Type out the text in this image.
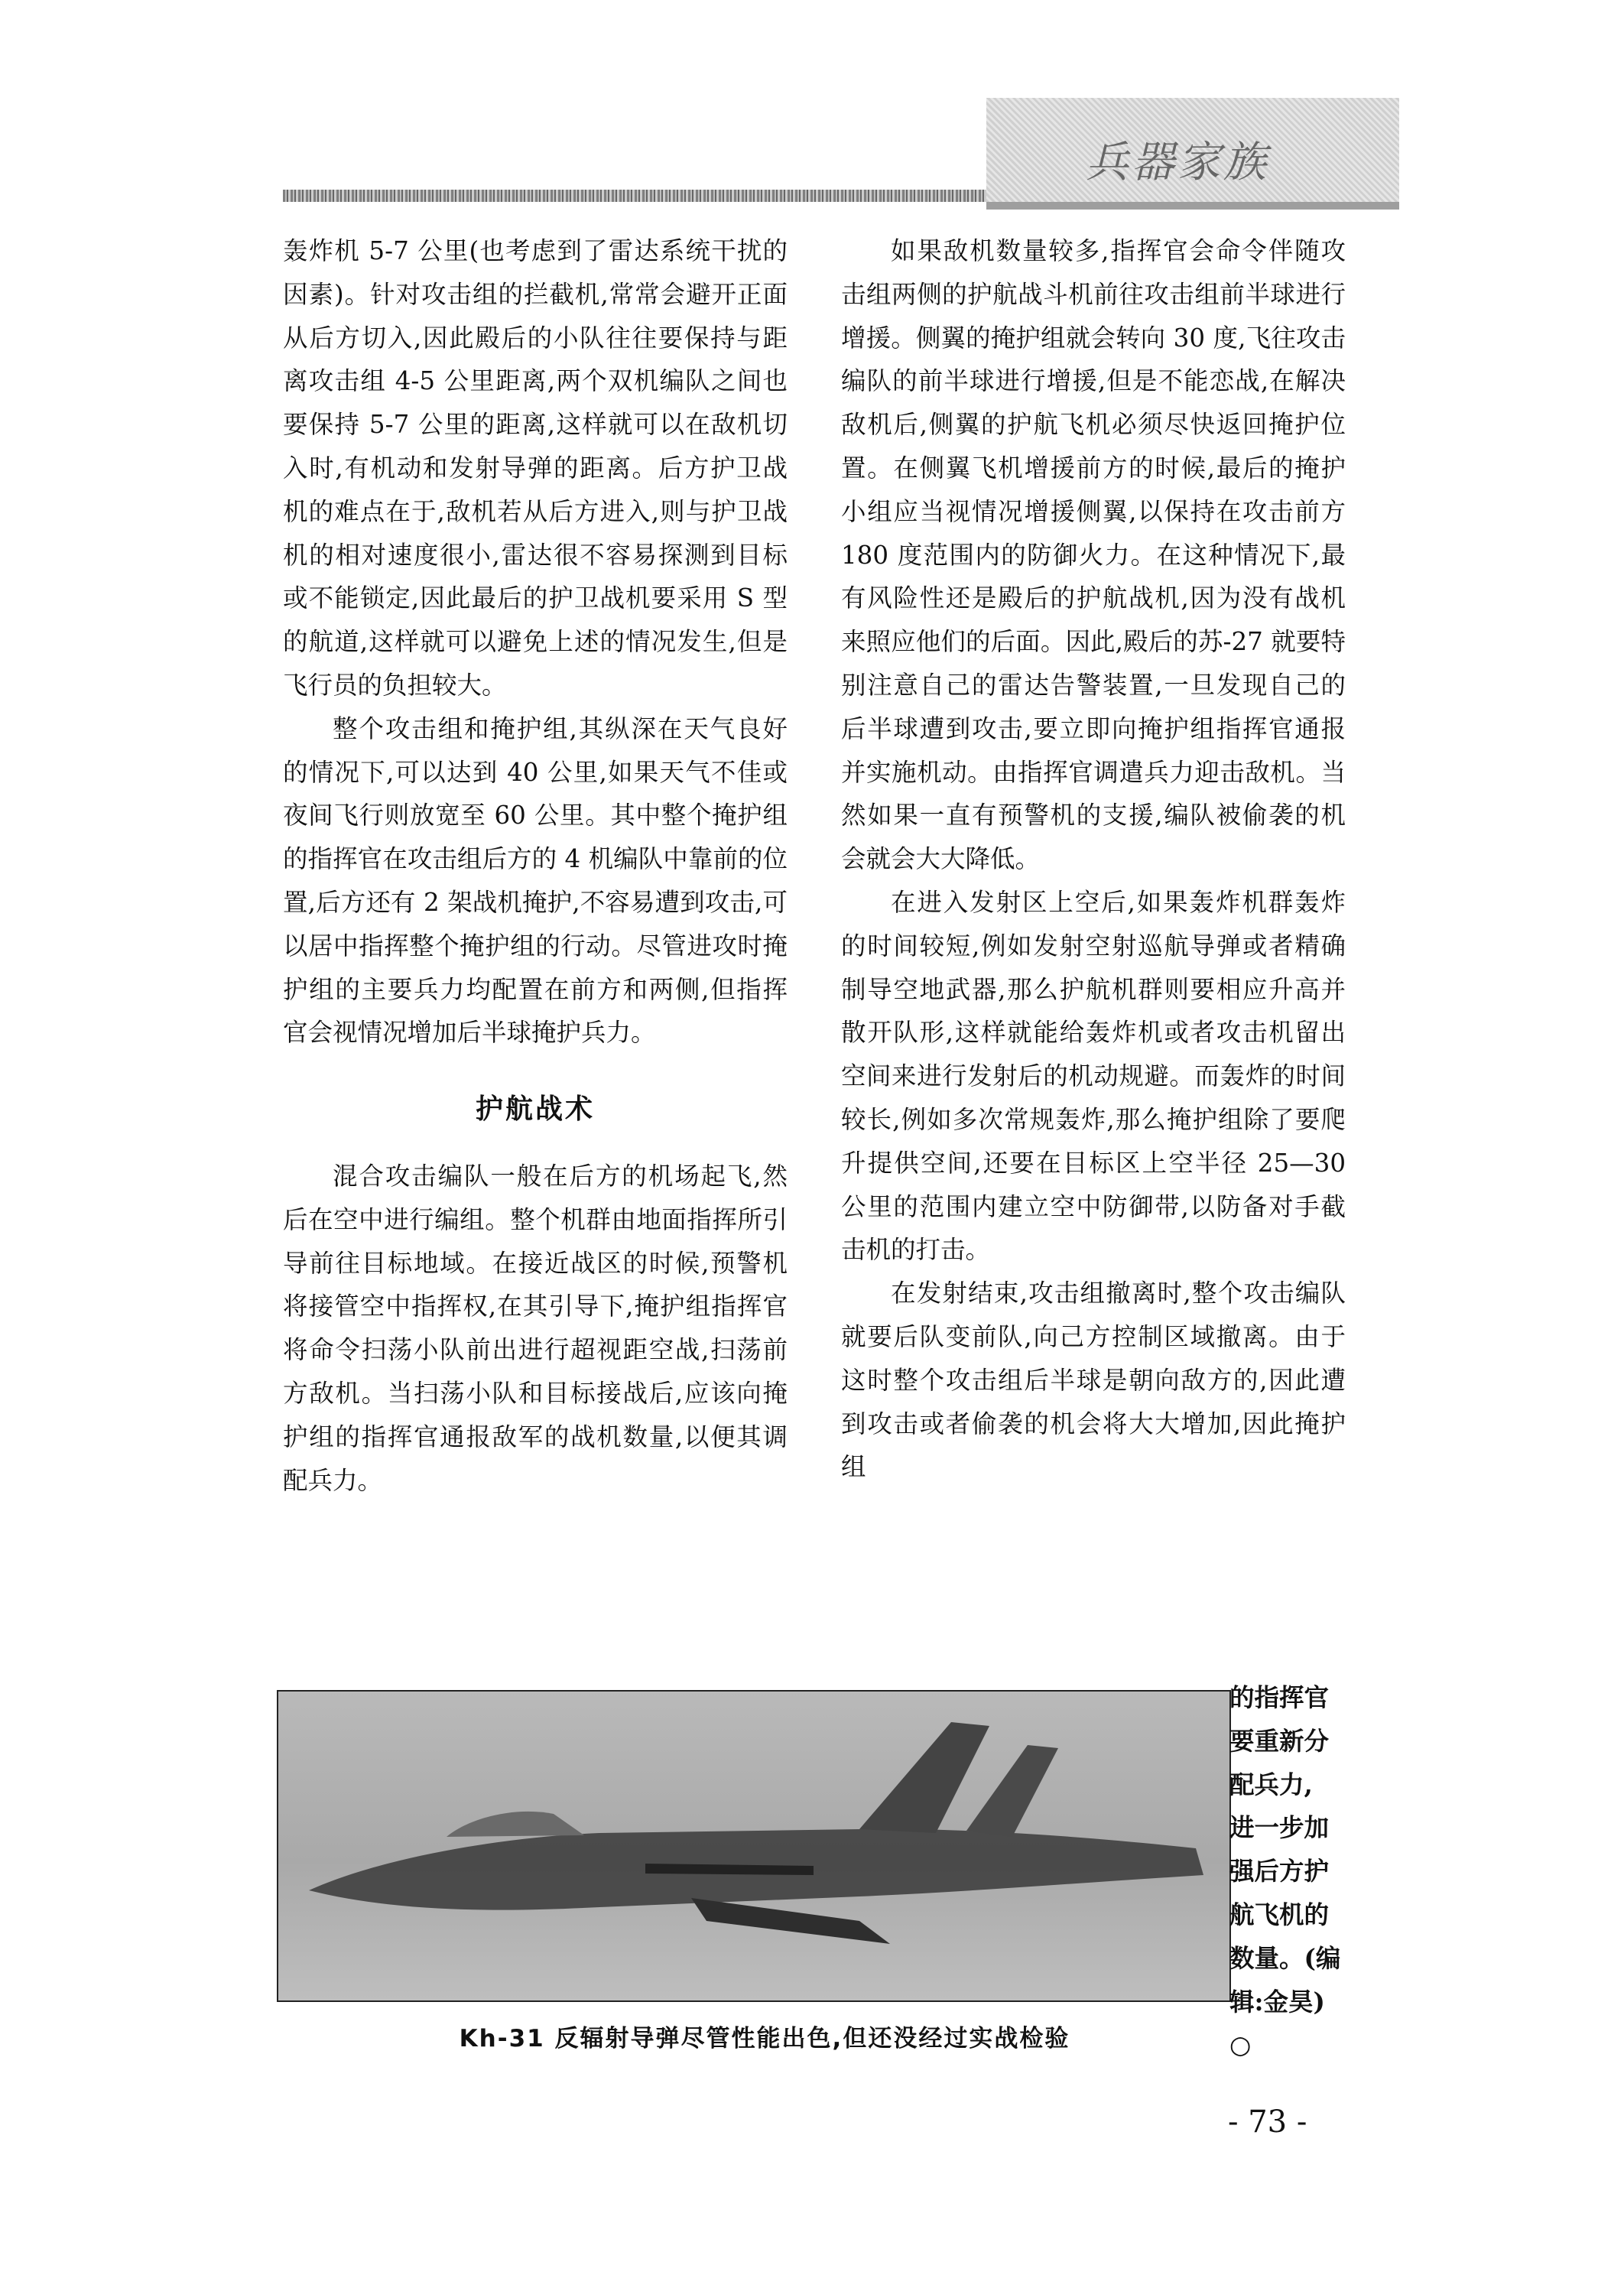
兵器家族

轰炸机 5-7 公里(也考虑到了雷达系统干扰的因素)。针对攻击组的拦截机,常常会避开正面从后方切入,因此殿后的小队往往要保持与距离攻击组 4-5 公里距离,两个双机编队之间也要保持 5-7 公里的距离,这样就可以在敌机切入时,有机动和发射导弹的距离。后方护卫战机的难点在于,敌机若从后方进入,则与护卫战机的相对速度很小,雷达很不容易探测到目标或不能锁定,因此最后的护卫战机要采用 S 型的航道,这样就可以避免上述的情况发生,但是飞行员的负担较大。

整个攻击组和掩护组,其纵深在天气良好的情况下,可以达到 40 公里,如果天气不佳或夜间飞行则放宽至 60 公里。其中整个掩护组的指挥官在攻击组后方的 4 机编队中靠前的位置,后方还有 2 架战机掩护,不容易遭到攻击,可以居中指挥整个掩护组的行动。尽管进攻时掩护组的主要兵力均配置在前方和两侧,但指挥官会视情况增加后半球掩护兵力。

护航战术

混合攻击编队一般在后方的机场起飞,然后在空中进行编组。整个机群由地面指挥所引导前往目标地域。在接近战区的时候,预警机将接管空中指挥权,在其引导下,掩护组指挥官将命令扫荡小队前出进行超视距空战,扫荡前方敌机。当扫荡小队和目标接战后,应该向掩护组的指挥官通报敌军的战机数量,以便其调配兵力。

如果敌机数量较多,指挥官会命令伴随攻击组两侧的护航战斗机前往攻击组前半球进行增援。侧翼的掩护组就会转向 30 度,飞往攻击编队的前半球进行增援,但是不能恋战,在解决敌机后,侧翼的护航飞机必须尽快返回掩护位置。在侧翼飞机增援前方的时候,最后的掩护小组应当视情况增援侧翼,以保持在攻击前方 180 度范围内的防御火力。在这种情况下,最有风险性还是殿后的护航战机,因为没有战机来照应他们的后面。因此,殿后的苏-27 就要特别注意自己的雷达告警装置,一旦发现自己的后半球遭到攻击,要立即向掩护组指挥官通报并实施机动。由指挥官调遣兵力迎击敌机。当然如果一直有预警机的支援,编队被偷袭的机会就会大大降低。

在进入发射区上空后,如果轰炸机群轰炸的时间较短,例如发射空射巡航导弹或者精确制导空地武器,那么护航机群则要相应升高并散开队形,这样就能给轰炸机或者攻击机留出空间来进行发射后的机动规避。而轰炸的时间较长,例如多次常规轰炸,那么掩护组除了要爬升提供空间,还要在目标区上空半径 25—30 公里的范围内建立空中防御带,以防备对手截击机的打击。

在发射结束,攻击组撤离时,整个攻击编队就要后队变前队,向己方控制区域撤离。由于这时整个攻击组后半球是朝向敌方的,因此遭到攻击或者偷袭的机会将大大增加,因此掩护组

的指挥官
要重新分
配兵力,
进一步加
强后方护
航飞机的
数量。(编
辑:金昊)
○

Kh-31 反辐射导弹尽管性能出色,但还没经过实战检验
- 73 -
